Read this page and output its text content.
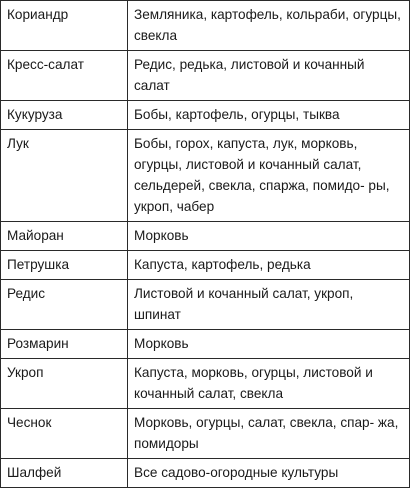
Кориандр	Земляника, картофель, кольраби, огурцы, свекла
Кресс-салат	Редис, редька, листовой и кочанный салат
Кукуруза	Бобы, картофель, огурцы, тыква
Лук	Бобы, горох, капуста, лук, морковь, огурцы, листовой и кочанный салат, сельдерей, свекла, спаржа, помидо- ры, укроп, чабер
Майоран	Морковь
Петрушка	Капуста, картофель, редька
Редис	Листовой и кочанный салат, укроп, шпинат
Розмарин	Морковь
Укроп	Капуста, морковь, огурцы, листовой и кочанный салат, свекла
Чеснок	Морковь, огурцы, салат, свекла, спар- жа, помидоры
Шалфей	Все садово-огородные культуры
